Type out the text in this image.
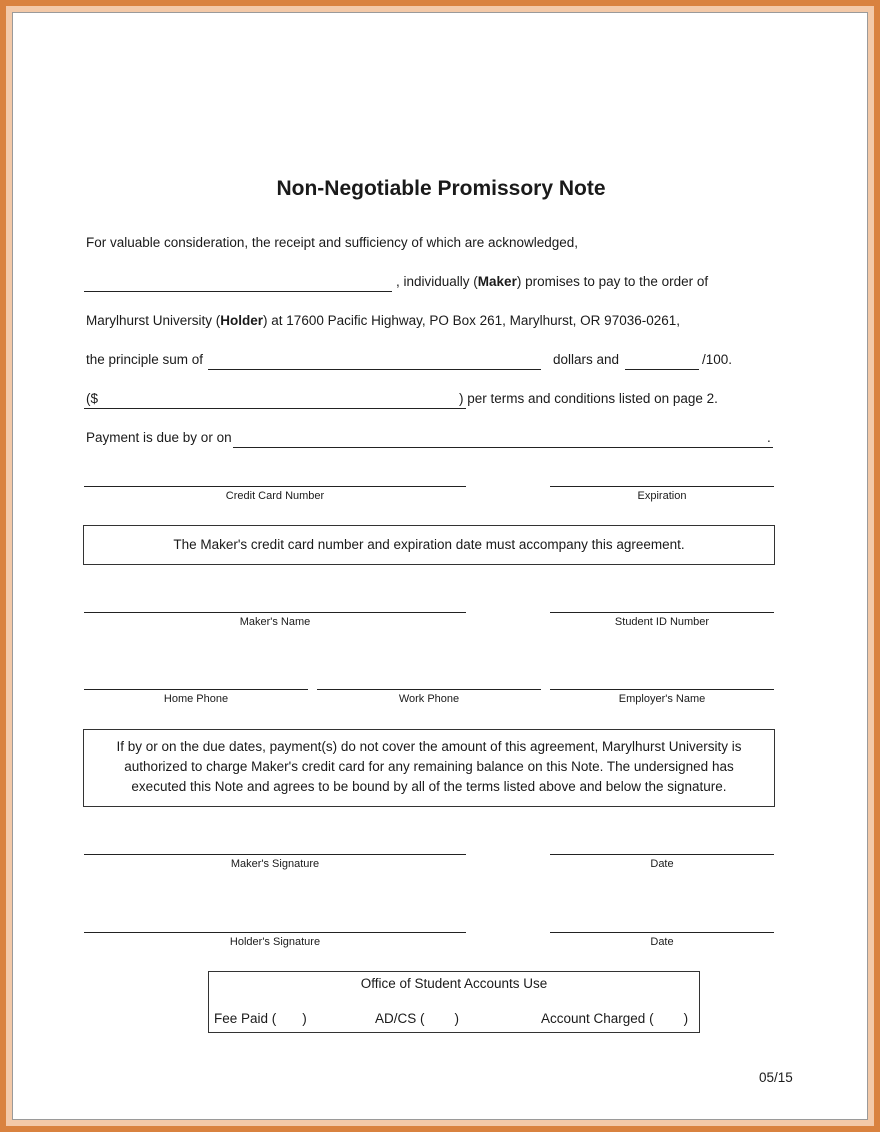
Non-Negotiable Promissory Note
For valuable consideration, the receipt and sufficiency of which are acknowledged,
, individually (Maker) promises to pay to the order of
Marylhurst University (Holder) at 17600 Pacific Highway, PO Box 261, Marylhurst, OR 97036-0261,
the principle sum of	dollars and	/100.
($	) per terms and conditions listed on page 2.
Payment is due by or on	.
Credit Card Number	Expiration
The Maker's credit card number and expiration date must accompany this agreement.
Maker's Name	Student ID Number
Home Phone	Work Phone	Employer's Name
If by or on the due dates, payment(s) do not cover the amount of this agreement, Marylhurst University is
authorized to charge Maker's credit card for any remaining balance on this Note. The undersigned has
executed this Note and agrees to be bound by all of the terms listed above and below the signature.
Maker's Signature	Date
Holder's Signature	Date
Office of Student Accounts Use
Fee Paid ( )	AD/CS ( )	Account Charged ( )
05/15
